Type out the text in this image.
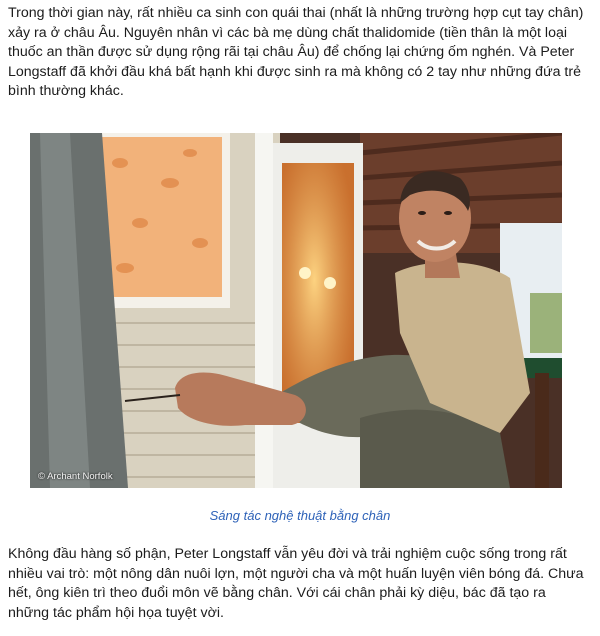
Trong thời gian này, rất nhiều ca sinh con quái thai (nhất là những trường hợp cụt tay chân) xảy ra ở châu Âu. Nguyên nhân vì các bà mẹ dùng chất thalidomide (tiền thân là một loại thuốc an thần được sử dụng rộng rãi tại châu Âu) để chống lại chứng ốm nghén. Và Peter Longstaff đã khởi đầu khá bất hạnh khi được sinh ra mà không có 2 tay như những đứa trẻ bình thường khác.

© Archant Norfolk
Sáng tác nghệ thuật bằng chân

Không đầu hàng số phận, Peter Longstaff vẫn yêu đời và trải nghiệm cuộc sống trong rất nhiều vai trò: một nông dân nuôi lợn, một người cha và một huấn luyện viên bóng đá. Chưa hết, ông kiên trì theo đuổi môn vẽ bằng chân. Với cái chân phải kỳ diệu, bác đã tạo ra những tác phẩm hội họa tuyệt vời.
